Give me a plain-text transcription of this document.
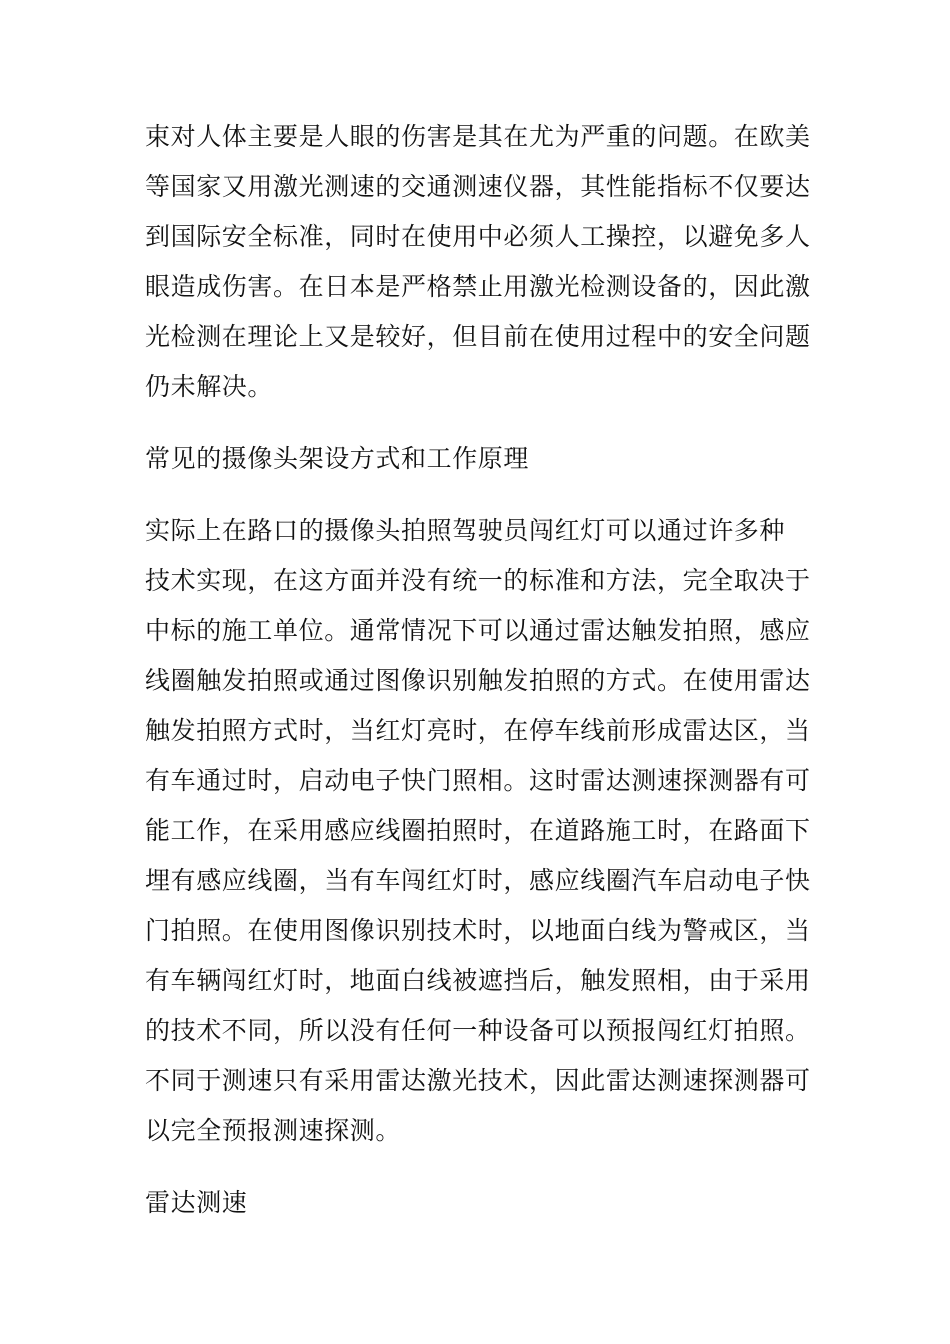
束对人体主要是人眼的伤害是其在尤为严重的问题。在欧美
等国家又用激光测速的交通测速仪器，其性能指标不仅要达
到国际安全标准，同时在使用中必须人工操控，以避免多人
眼造成伤害。在日本是严格禁止用激光检测设备的，因此激
光检测在理论上又是较好，但目前在使用过程中的安全问题
仍未解决。
常见的摄像头架设方式和工作原理
实际上在路口的摄像头拍照驾驶员闯红灯可以通过许多种
技术实现，在这方面并没有统一的标准和方法，完全取决于
中标的施工单位。通常情况下可以通过雷达触发拍照，感应
线圈触发拍照或通过图像识别触发拍照的方式。在使用雷达
触发拍照方式时，当红灯亮时，在停车线前形成雷达区，当
有车通过时，启动电子快门照相。这时雷达测速探测器有可
能工作，在采用感应线圈拍照时，在道路施工时，在路面下
埋有感应线圈，当有车闯红灯时，感应线圈汽车启动电子快
门拍照。在使用图像识别技术时，以地面白线为警戒区，当
有车辆闯红灯时，地面白线被遮挡后，触发照相，由于采用
的技术不同，所以没有任何一种设备可以预报闯红灯拍照。
不同于测速只有采用雷达激光技术，因此雷达测速探测器可
以完全预报测速探测。
雷达测速
